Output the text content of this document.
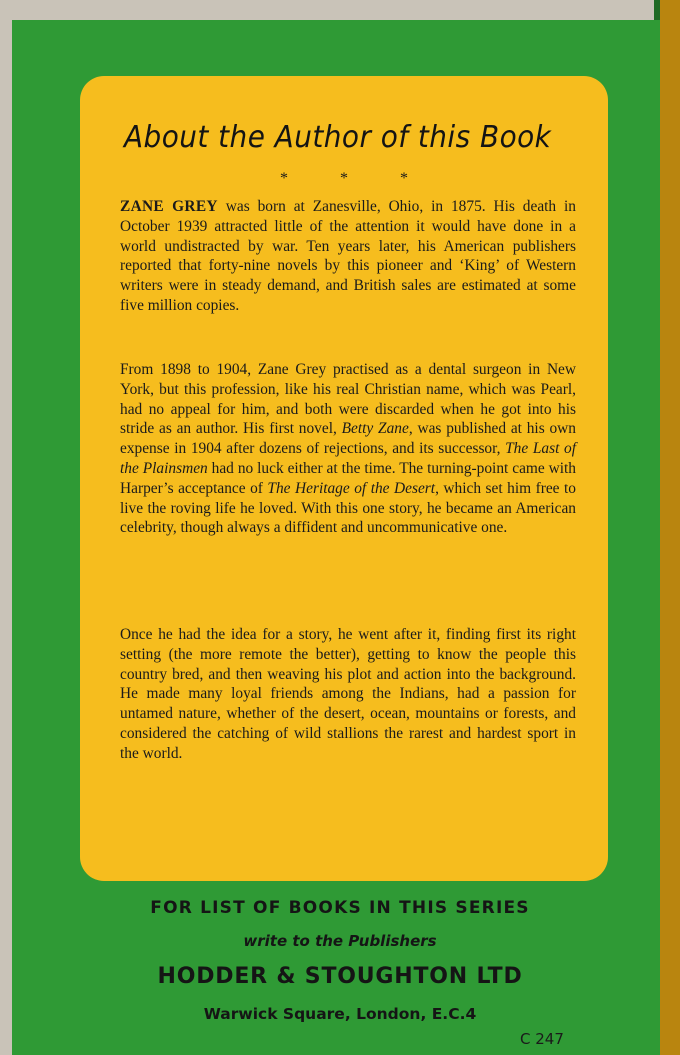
About the Author of this Book
* * *

ZANE GREY was born at Zanesville, Ohio, in 1875. His death in October 1939 attracted little of the attention it would have done in a world undistracted by war. Ten years later, his American publishers reported that forty-nine novels by this pioneer and ‘King’ of Western writers were in steady demand, and British sales are estimated at some five million copies.

From 1898 to 1904, Zane Grey practised as a dental surgeon in New York, but this profession, like his real Christian name, which was Pearl, had no appeal for him, and both were discarded when he got into his stride as an author. His first novel, Betty Zane, was published at his own expense in 1904 after dozens of rejections, and its successor, The Last of the Plainsmen had no luck either at the time. The turning-point came with Harper’s acceptance of The Heritage of the Desert, which set him free to live the roving life he loved. With this one story, he became an American celebrity, though always a diffident and uncommunicative one.

Once he had the idea for a story, he went after it, finding first its right setting (the more remote the better), getting to know the people this country bred, and then weaving his plot and action into the background. He made many loyal friends among the Indians, had a passion for untamed nature, whether of the desert, ocean, mountains or forests, and considered the catching of wild stallions the rarest and hardest sport in the world.

FOR LIST OF BOOKS IN THIS SERIES
write to the Publishers
HODDER & STOUGHTON LTD
Warwick Square, London, E.C.4
C 247
